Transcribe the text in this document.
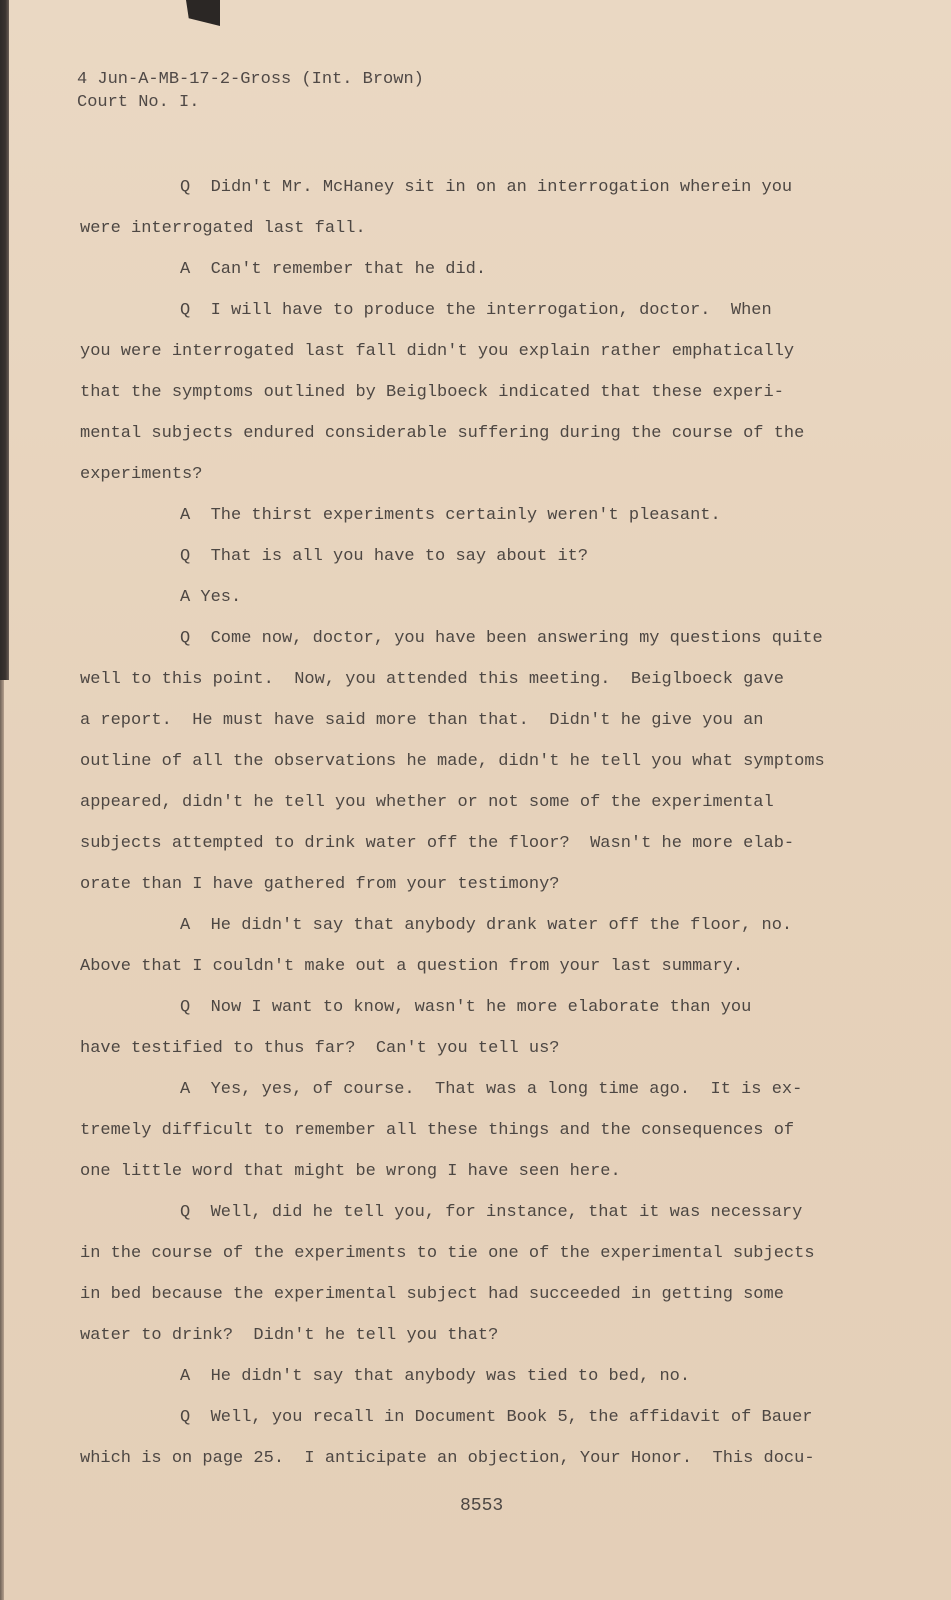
4 Jun-A-MB-17-2-Gross (Int. Brown)
Court No. I.
Q  Didn't Mr. McHaney sit in on an interrogation wherein you
were interrogated last fall.
A  Can't remember that he did.
Q  I will have to produce the interrogation, doctor.  When
you were interrogated last fall didn't you explain rather emphatically
that the symptoms outlined by Beiglboeck indicated that these experi-
mental subjects endured considerable suffering during the course of the
experiments?
A  The thirst experiments certainly weren't pleasant.
Q  That is all you have to say about it?
A Yes.
Q  Come now, doctor, you have been answering my questions quite
well to this point.  Now, you attended this meeting.  Beiglboeck gave
a report.  He must have said more than that.  Didn't he give you an
outline of all the observations he made, didn't he tell you what symptoms
appeared, didn't he tell you whether or not some of the experimental
subjects attempted to drink water off the floor?  Wasn't he more elab-
orate than I have gathered from your testimony?
A  He didn't say that anybody drank water off the floor, no.
Above that I couldn't make out a question from your last summary.
Q  Now I want to know, wasn't he more elaborate than you
have testified to thus far?  Can't you tell us?
A  Yes, yes, of course.  That was a long time ago.  It is ex-
tremely difficult to remember all these things and the consequences of
one little word that might be wrong I have seen here.
Q  Well, did he tell you, for instance, that it was necessary
in the course of the experiments to tie one of the experimental subjects
in bed because the experimental subject had succeeded in getting some
water to drink?  Didn't he tell you that?
A  He didn't say that anybody was tied to bed, no.
Q  Well, you recall in Document Book 5, the affidavit of Bauer
which is on page 25.  I anticipate an objection, Your Honor.  This docu-
8553
